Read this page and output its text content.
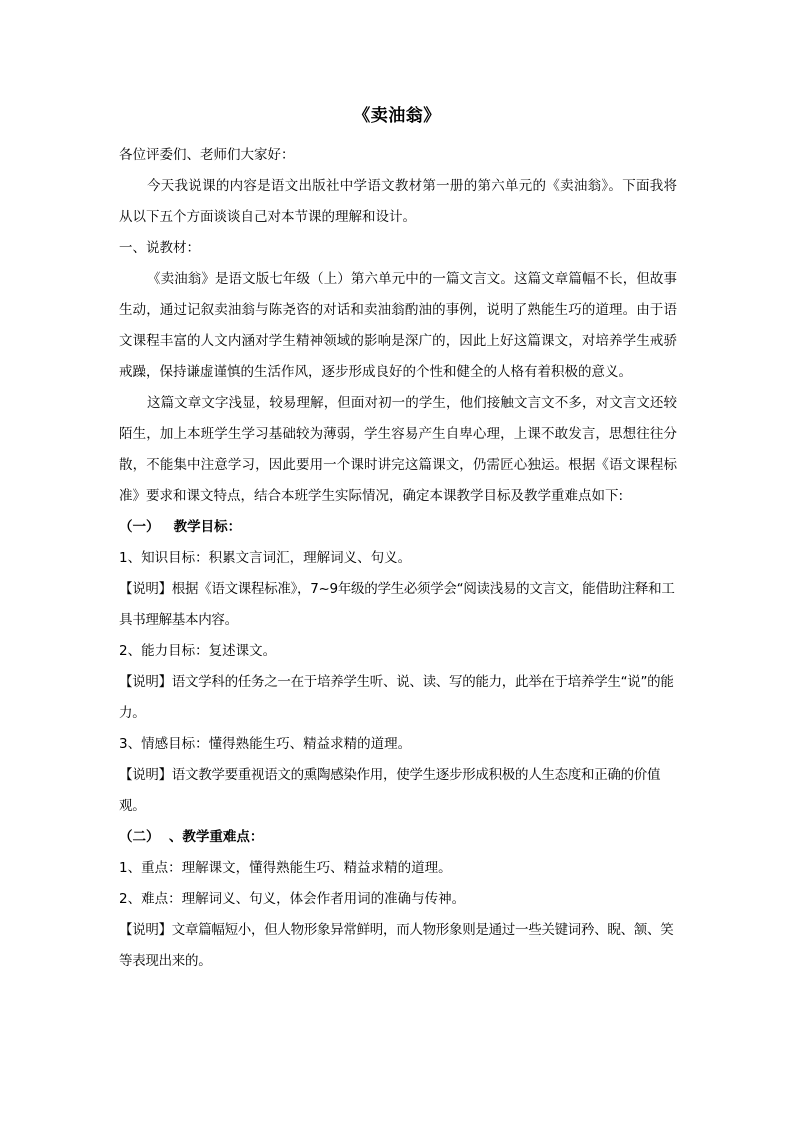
《卖油翁》

各位评委们、老师们大家好：

今天我说课的内容是语文出版社中学语文教材第一册的第六单元的《卖油翁》。下面我将从以下五个方面谈谈自己对本节课的理解和设计。

一、说教材：

《卖油翁》是语文版七年级（上）第六单元中的一篇文言文。这篇文章篇幅不长，但故事生动，通过记叙卖油翁与陈尧咨的对话和卖油翁酌油的事例，说明了熟能生巧的道理。由于语文课程丰富的人文内涵对学生精神领域的影响是深广的，因此上好这篇课文，对培养学生戒骄戒躁，保持谦虚谨慎的生活作风，逐步形成良好的个性和健全的人格有着积极的意义。

这篇文章文字浅显，较易理解，但面对初一的学生，他们接触文言文不多，对文言文还较陌生，加上本班学生学习基础较为薄弱，学生容易产生自卑心理，上课不敢发言，思想往往分散，不能集中注意学习，因此要用一个课时讲完这篇课文，仍需匠心独运。根据《语文课程标准》要求和课文特点，结合本班学生实际情况，确定本课教学目标及教学重难点如下:

（一）   教学目标：

1、知识目标：积累文言词汇，理解词义、句义。

【说明】根据《语文课程标准》，7~9年级的学生必须学会“阅读浅易的文言文，能借助注释和工具书理解基本内容。

2、能力目标：复述课文。

【说明】语文学科的任务之一在于培养学生听、说、读、写的能力，此举在于培养学生“说”的能力。

3、情感目标：懂得熟能生巧、精益求精的道理。

【说明】语文教学要重视语文的熏陶感染作用，使学生逐步形成积极的人生态度和正确的价值观。

（二）  、教学重难点：

1、重点：理解课文，懂得熟能生巧、精益求精的道理。

2、难点：理解词义、句义，体会作者用词的准确与传神。

【说明】文章篇幅短小，但人物形象异常鲜明，而人物形象则是通过一些关键词矜、睨、颔、笑等表现出来的。
